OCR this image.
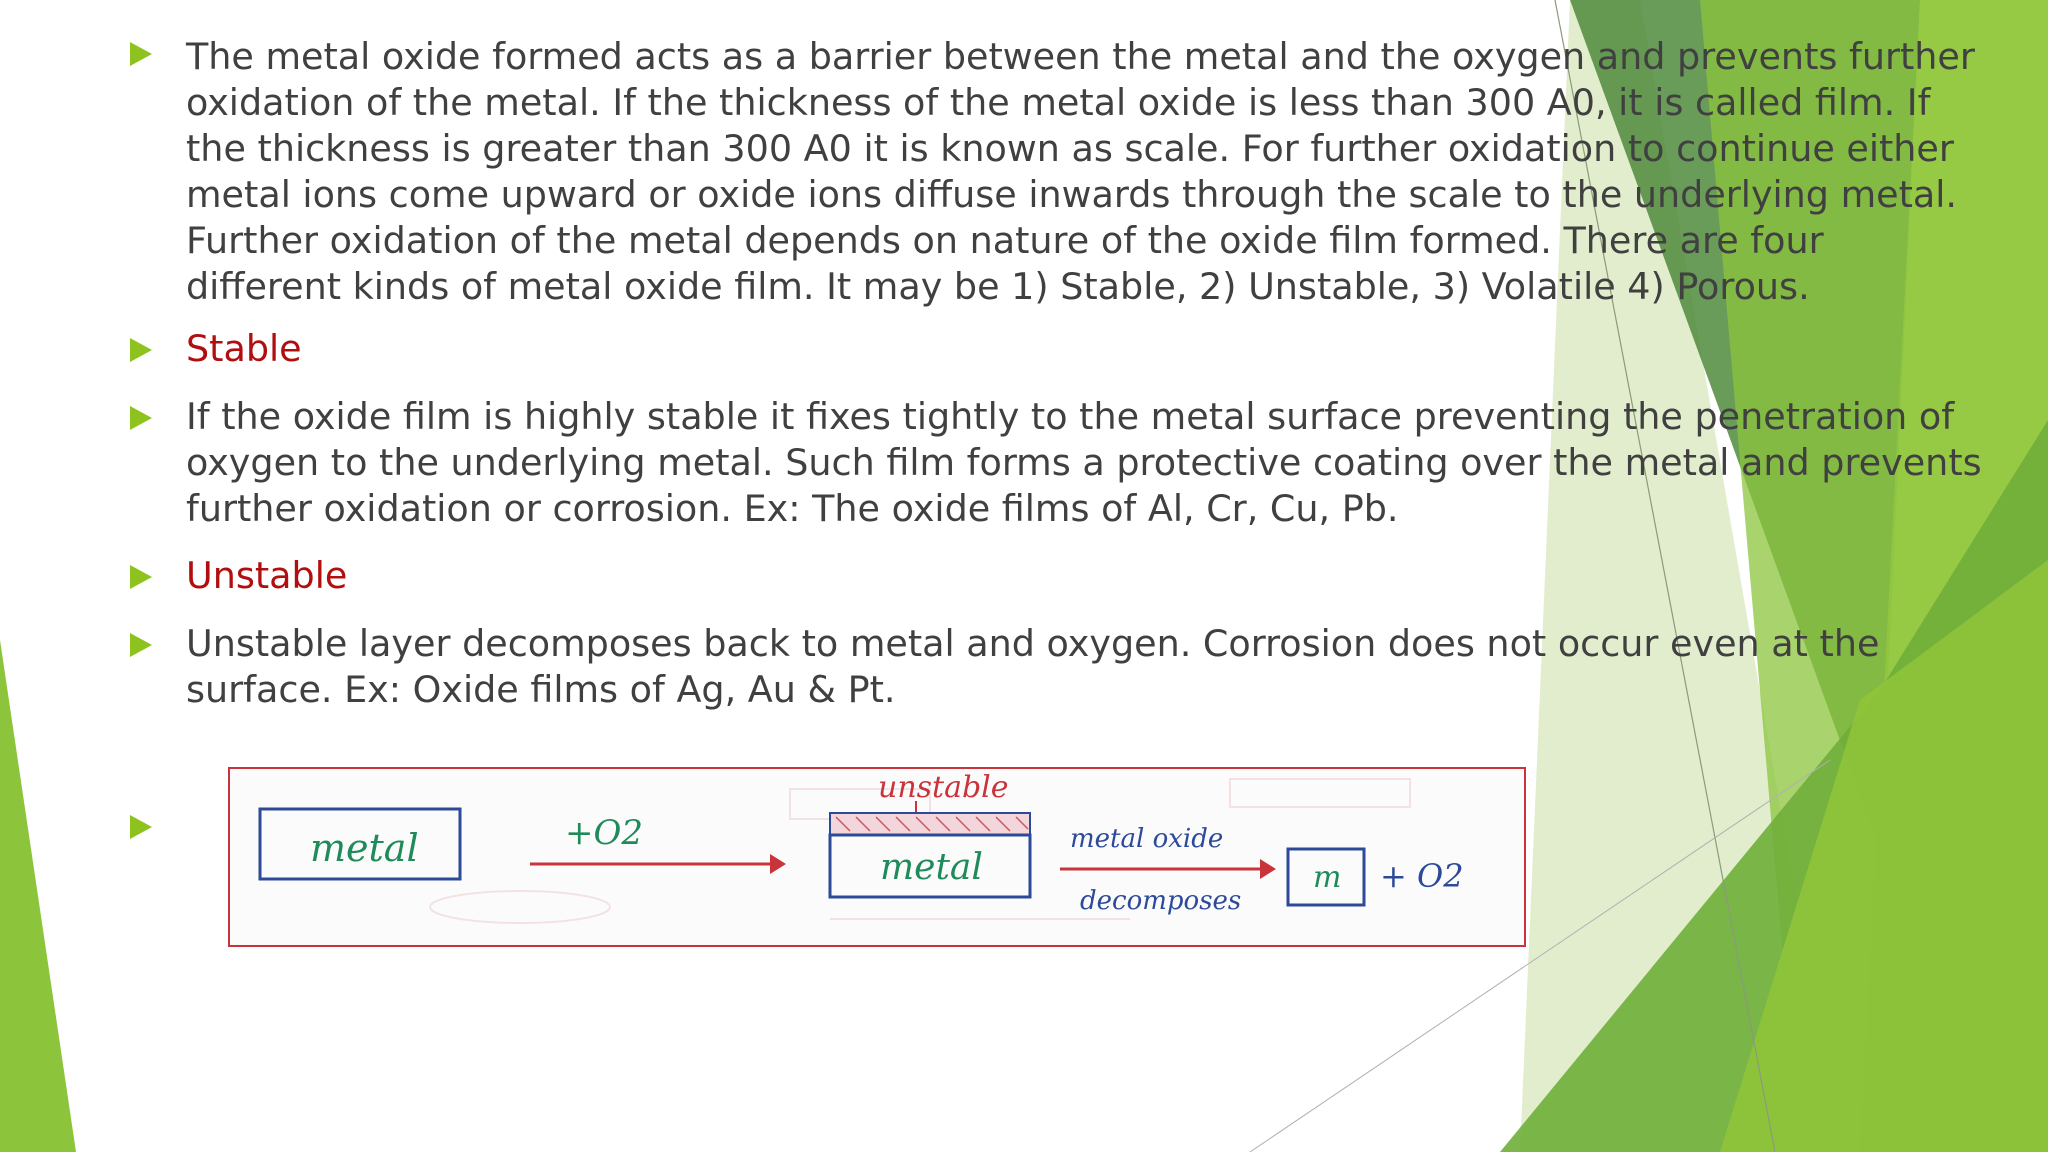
The metal oxide formed acts as a barrier between the metal and the oxygen and prevents further
oxidation of the metal. If the thickness of the metal oxide is less than 300 A0, it is called film. If
the thickness is greater than 300 A0 it is known as scale. For further oxidation to continue either
metal ions come upward or oxide ions diffuse inwards through the scale to the underlying metal.
Further oxidation of the metal depends on nature of the oxide film formed. There are four
different kinds of metal oxide film. It may be 1) Stable, 2) Unstable, 3) Volatile 4) Porous.
Stable
If the oxide film is highly stable it fixes tightly to the metal surface preventing the penetration of
oxygen to the underlying metal. Such film forms a protective coating over the metal and prevents
further oxidation or corrosion. Ex: The oxide films of Al, Cr, Cu, Pb.
Unstable
Unstable layer decomposes back to metal and oxygen. Corrosion does not occur even at the
surface. Ex: Oxide films of Ag, Au & Pt.
metal	+O2
unstable
metal
metal oxide
decomposes
m + O2
